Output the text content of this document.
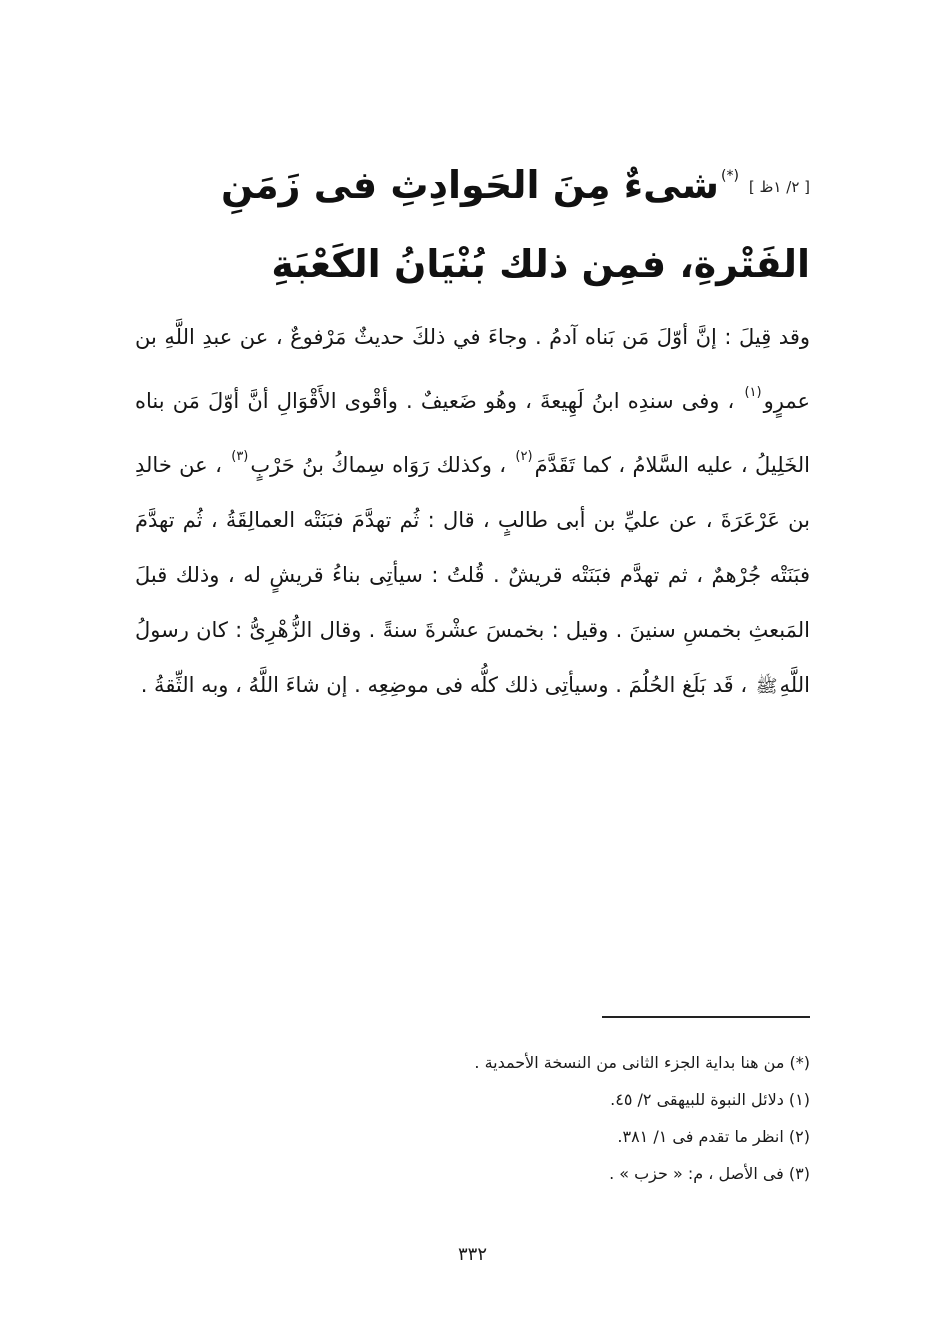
[ ٢/ ١ظ ](*)شىءٌ مِنَ الحَوادِثِ فى زَمَنِ
الفَتْرةِ، فمِن ذلك بُنْيَانُ الكَعْبَةِ

وقد قِيلَ : إنَّ أوّلَ مَن بَناه آدمُ . وجاءَ في ذلكَ حديثٌ مَرْفوعٌ ، عن عبدِ اللَّهِ بن عمرٍو$^{(١)}$ ، وفى سندِه ابنُ لَهِيعةَ ، وهُو ضَعيفٌ . وأقْوى الأَقْوَالِ أنَّ أوّلَ مَن بناه الخَلِيلُ ، عليه السَّلامُ ، كما تَقَدَّمَ$^{(٢)}$ ، وكذلك رَوَاه سِماكُ بنُ حَرْبٍ$^{(٣)}$ ، عن خالدِ بن عَرْعَرَةَ ، عن عليِّ بن أبى طالبٍ ، قال : ثُم تهدَّمَ فبَنَتْه العمالِقَةُ ، ثُم تهدَّمَ فبَنَتْه جُرْهمٌ ، ثم تهدَّم فبَنَتْه قريشٌ . قُلتُ : سيأتِى بناءُ قريشٍ له ، وذلك قبلَ المَبعثِ بخمسِ سنينَ . وقيل : بخمسَ عشْرةَ سنةً . وقال الزُّهْرِىُّ : كان رسولُ اللَّهِﷺ ، قَد بَلَغ الحُلُمَ . وسيأتِى ذلك كلُّه فى موضِعِه . إن شاءَ اللَّهُ ، وبه الثِّقةُ .

(*) من هنا بداية الجزء الثانى من النسخة الأحمدية .
(١) دلائل النبوة للبيهقى ٢/ ٤٥.
(٢) انظر ما تقدم فى ١/ ٣٨١.
(٣) فى الأصل ، م: « حزب » .
٣٣٢
